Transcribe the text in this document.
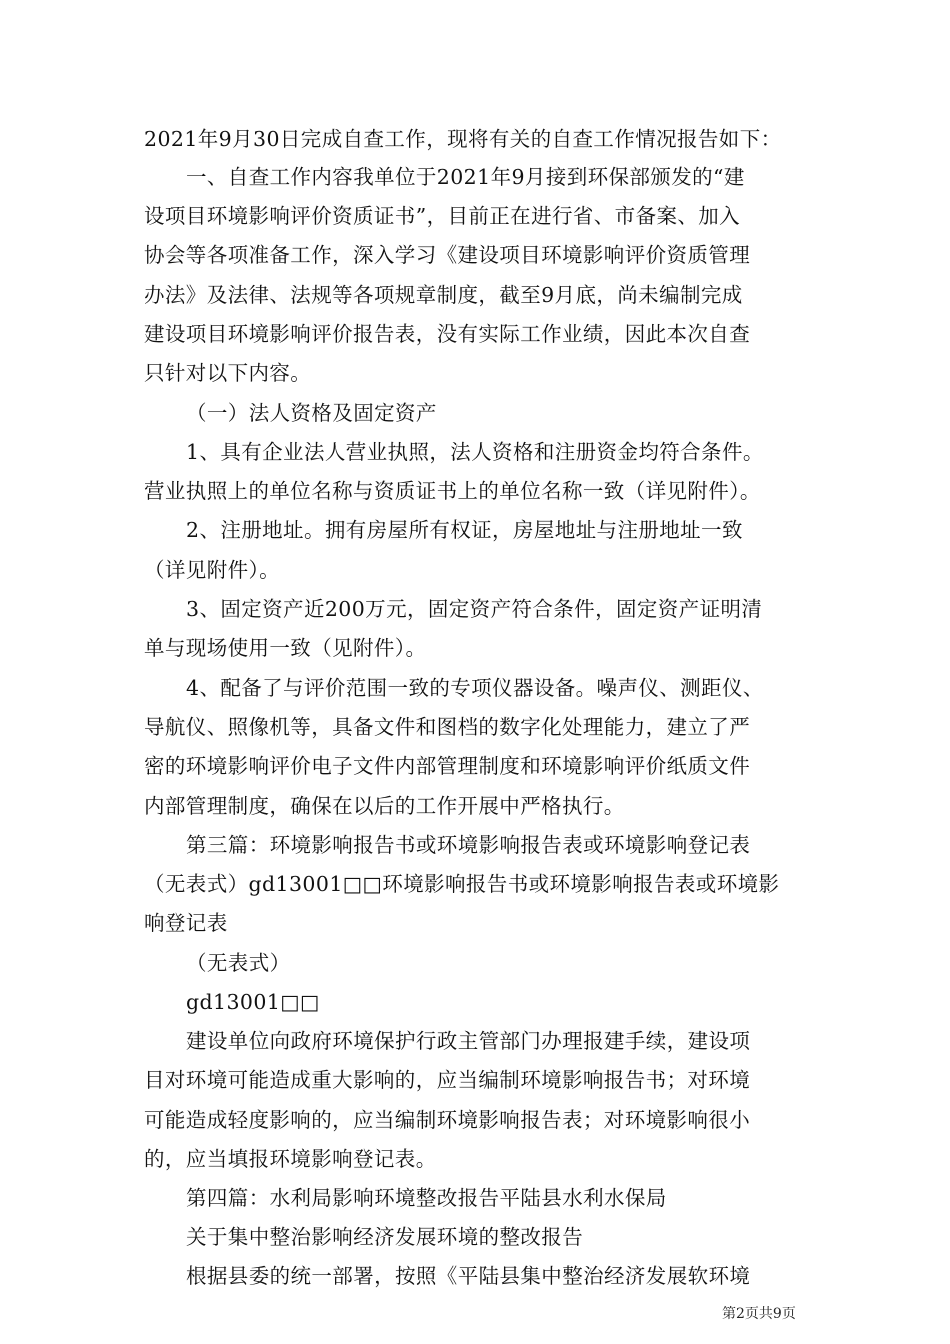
2021年9月30日完成自查工作，现将有关的自查工作情况报告如下：
一、自查工作内容我单位于2021年9月接到环保部颁发的“建
设项目环境影响评价资质证书”，目前正在进行省、市备案、加入
协会等各项准备工作，深入学习《建设项目环境影响评价资质管理
办法》及法律、法规等各项规章制度，截至9月底，尚未编制完成
建设项目环境影响评价报告表，没有实际工作业绩，因此本次自查
只针对以下内容。
（一）法人资格及固定资产
1、具有企业法人营业执照，法人资格和注册资金均符合条件。
营业执照上的单位名称与资质证书上的单位名称一致（详见附件）。
2、注册地址。拥有房屋所有权证，房屋地址与注册地址一致
（详见附件）。
3、固定资产近200万元，固定资产符合条件，固定资产证明清
单与现场使用一致（见附件）。
4、配备了与评价范围一致的专项仪器设备。噪声仪、测距仪、
导航仪、照像机等，具备文件和图档的数字化处理能力，建立了严
密的环境影响评价电子文件内部管理制度和环境影响评价纸质文件
内部管理制度，确保在以后的工作开展中严格执行。
第三篇：环境影响报告书或环境影响报告表或环境影响登记表
（无表式）gd13001□□环境影响报告书或环境影响报告表或环境影
响登记表
（无表式）
gd13001□□
建设单位向政府环境保护行政主管部门办理报建手续，建设项
目对环境可能造成重大影响的，应当编制环境影响报告书；对环境
可能造成轻度影响的，应当编制环境影响报告表；对环境影响很小
的，应当填报环境影响登记表。
第四篇：水利局影响环境整改报告平陆县水利水保局
关于集中整治影响经济发展环境的整改报告
根据县委的统一部署，按照《平陆县集中整治经济发展软环境
第2页共9页
